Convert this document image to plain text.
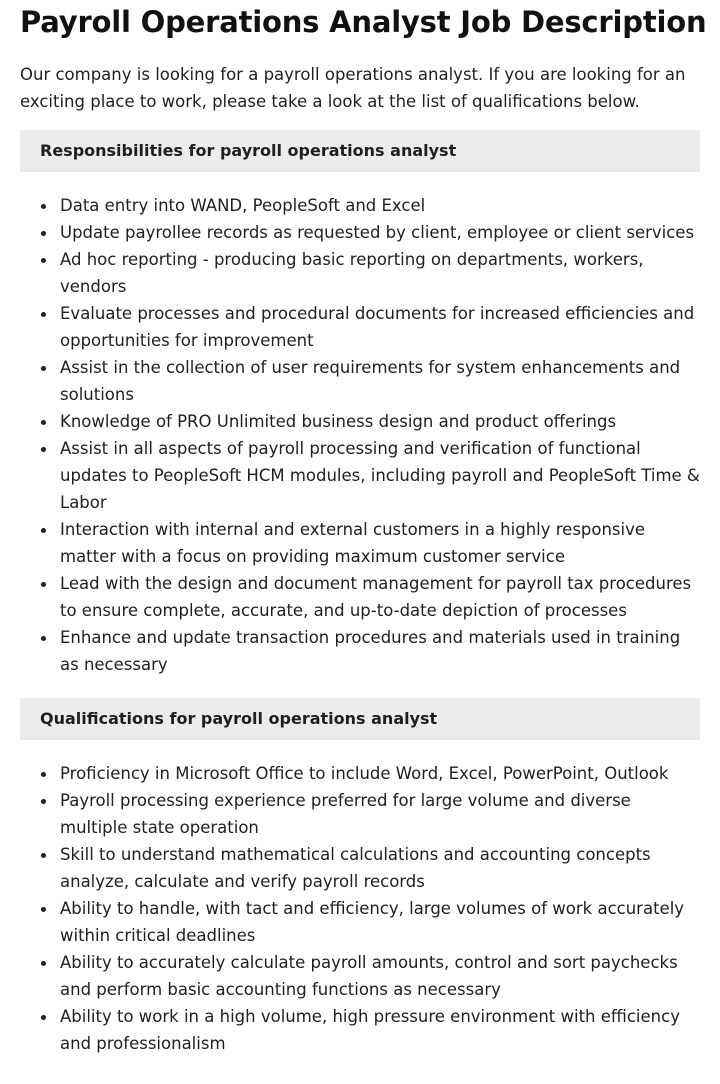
Payroll Operations Analyst Job Description

Our company is looking for a payroll operations analyst. If you are looking for an exciting place to work, please take a look at the list of qualifications below.

Responsibilities for payroll operations analyst
Data entry into WAND, PeopleSoft and Excel
Update payrollee records as requested by client, employee or client services
Ad hoc reporting - producing basic reporting on departments, workers, vendors
Evaluate processes and procedural documents for increased efficiencies and opportunities for improvement
Assist in the collection of user requirements for system enhancements and solutions
Knowledge of PRO Unlimited business design and product offerings
Assist in all aspects of payroll processing and verification of functional updates to PeopleSoft HCM modules, including payroll and PeopleSoft Time & Labor
Interaction with internal and external customers in a highly responsive matter with a focus on providing maximum customer service
Lead with the design and document management for payroll tax procedures to ensure complete, accurate, and up-to-date depiction of processes
Enhance and update transaction procedures and materials used in training as necessary
Qualifications for payroll operations analyst
Proficiency in Microsoft Office to include Word, Excel, PowerPoint, Outlook
Payroll processing experience preferred for large volume and diverse multiple state operation
Skill to understand mathematical calculations and accounting concepts analyze, calculate and verify payroll records
Ability to handle, with tact and efficiency, large volumes of work accurately within critical deadlines
Ability to accurately calculate payroll amounts, control and sort paychecks and perform basic accounting functions as necessary
Ability to work in a high volume, high pressure environment with efficiency and professionalism
